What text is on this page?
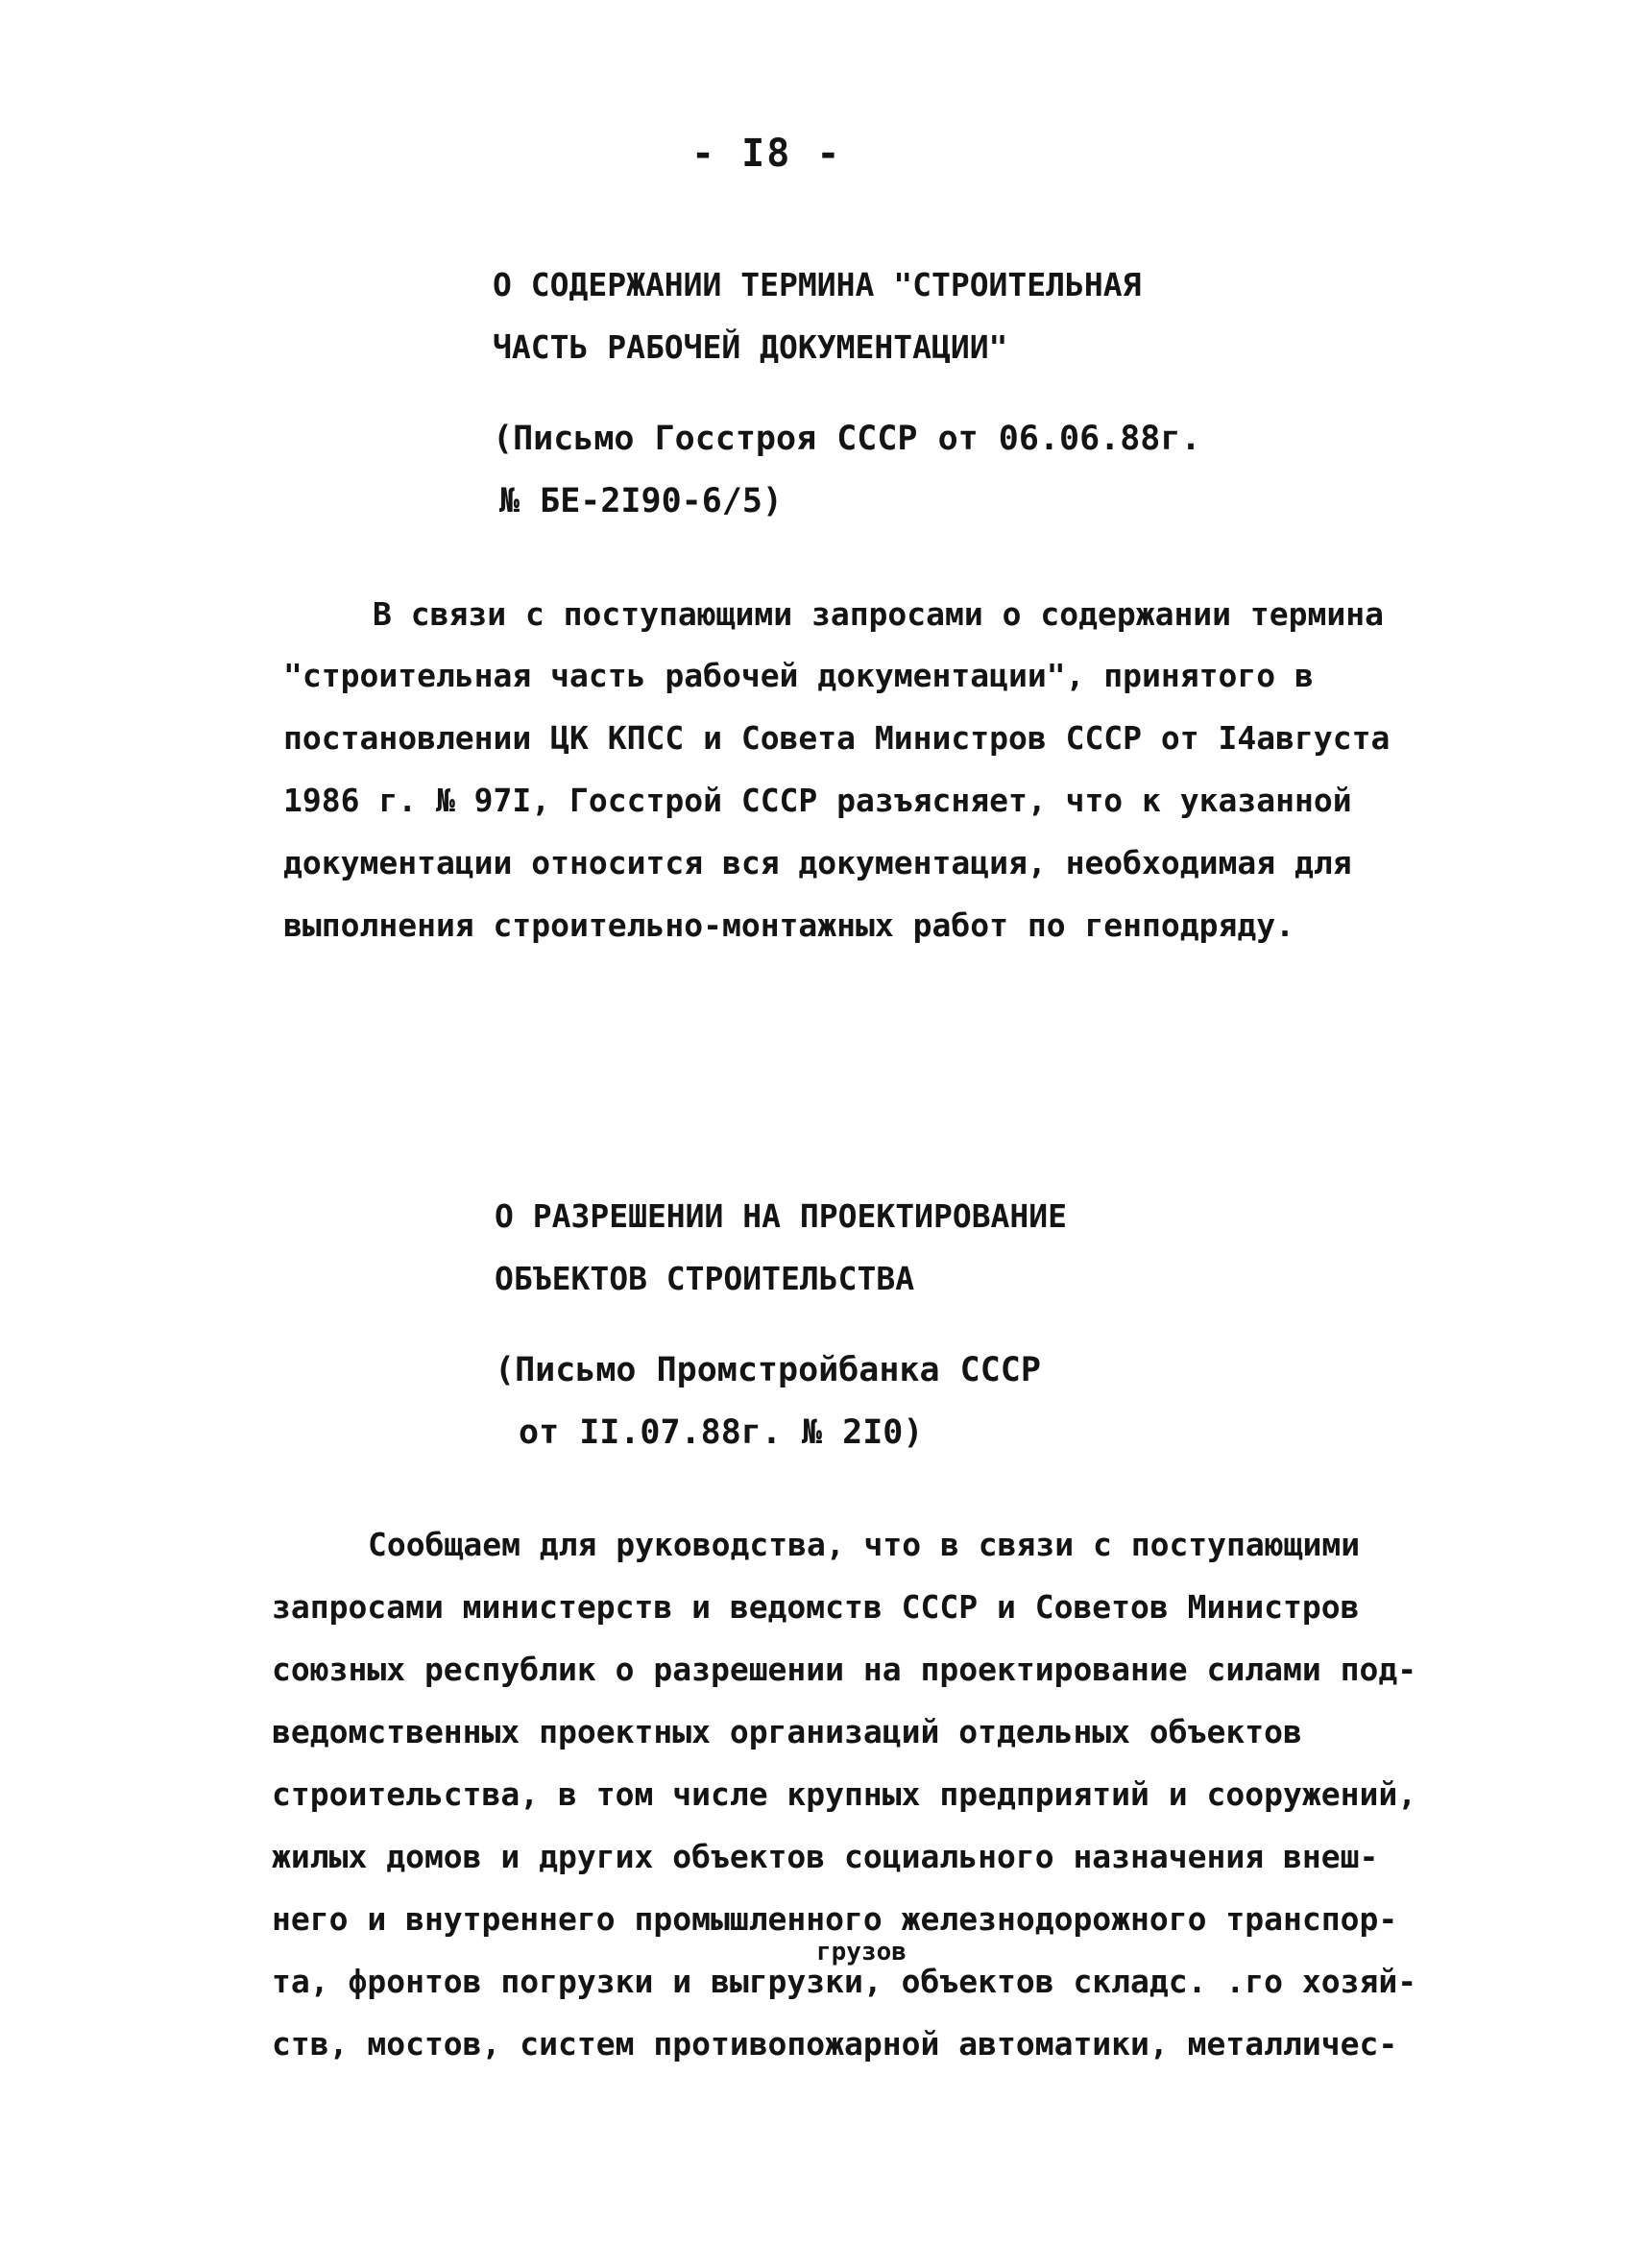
- I8 -
О СОДЕРЖАНИИ ТЕРМИНА "СТРОИТЕЛЬНАЯ
ЧАСТЬ РАБОЧЕЙ ДОКУМЕНТАЦИИ"
(Письмо Госстроя СССР от 06.06.88г.
№ БЕ-2I90-6/5)
В связи с поступающими запросами о содержании термина
"строительная часть рабочей документации", принятого в
постановлении ЦК КПСС и Совета Министров СССР от I4августа
1986 г. № 97I, Госстрой СССР разъясняет, что к указанной
документации относится вся документация, необходимая для
выполнения строительно-монтажных работ по генподряду.
О РАЗРЕШЕНИИ НА ПРОЕКТИРОВАНИЕ
ОБЪЕКТОВ СТРОИТЕЛЬСТВА
(Письмо Промстройбанка СССР
от II.07.88г. № 2I0)
Сообщаем для руководства, что в связи с поступающими
запросами министерств и ведомств СССР и Советов Министров
союзных республик о разрешении на проектирование силами под-
ведомственных проектных организаций отдельных объектов
строительства, в том числе крупных предприятий и сооружений,
жилых домов и других объектов социального назначения внеш-
него и внутреннего промышленного железнодорожного транспор-
грузов
та, фронтов погрузки и выгрузки, объектов складс. .го хозяй-
ств, мостов, систем противопожарной автоматики, металличес-
